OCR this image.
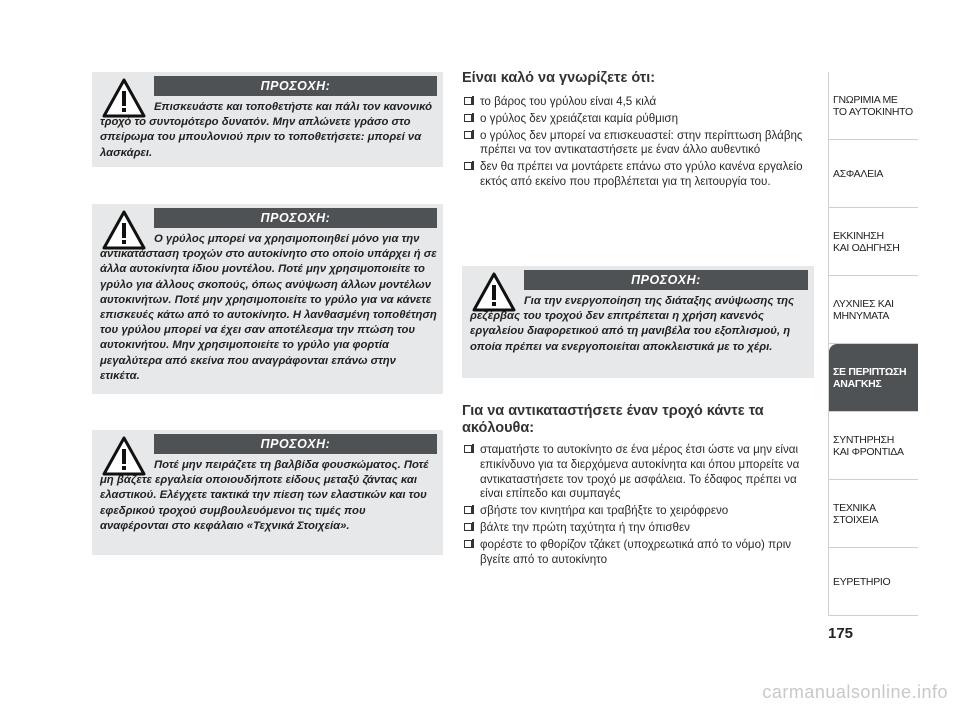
ΠΡΟΣΟΧΗ:
Επισκευάστε και τοποθετήστε και πάλι τον κανονικό τροχό το συντομότερο δυνατόν. Μην απλώνετε γράσο στο σπείρωμα του μπουλονιού πριν το τοποθετήσετε: μπορεί να λασκάρει.
ΠΡΟΣΟΧΗ:
Ο γρύλος μπορεί να χρησιμοποιηθεί μόνο για την αντικατάσταση τροχών στο αυτοκίνητο στο οποίο υπάρχει ή σε άλλα αυτοκίνητα ίδιου μοντέλου. Ποτέ μην χρησιμοποιείτε το γρύλο για άλλους σκοπούς, όπως ανύψωση άλλων μοντέλων αυτοκινήτων. Ποτέ μην χρησιμοποιείτε το γρύλο για να κάνετε επισκευές κάτω από το αυτοκίνητο. Η λανθασμένη τοποθέτηση του γρύλου μπορεί να έχει σαν αποτέλεσμα την πτώση του αυτοκινήτου. Μην χρησιμοποιείτε το γρύλο για φορτία μεγαλύτερα από εκείνα που αναγράφονται επάνω στην ετικέτα.
ΠΡΟΣΟΧΗ:
Ποτέ μην πειράζετε τη βαλβίδα φουσκώματος. Ποτέ μη βάζετε εργαλεία οποιουδήποτε είδους μεταξύ ζάντας και ελαστικού. Ελέγχετε τακτικά την πίεση των ελαστικών και του εφεδρικού τροχού συμβουλευόμενοι τις τιμές που αναφέρονται στο κεφάλαιο «Τεχνικά Στοιχεία».
ΠΡΟΣΟΧΗ:
Για την ενεργοποίηση της διάταξης ανύψωσης της ρεζέρβας του τροχού δεν επιτρέπεται η χρήση κανενός εργαλείου διαφορετικού από τη μανιβέλα του εξοπλισμού, η οποία πρέπει να ενεργοποιείται αποκλειστικά με το χέρι.
Είναι καλό να γνωρίζετε ότι:
το βάρος του γρύλου είναι 4,5 κιλά
ο γρύλος δεν χρειάζεται καμία ρύθμιση
ο γρύλος δεν μπορεί να επισκευαστεί: στην περίπτωση βλάβης πρέπει να τον αντικαταστήσετε με έναν άλλο αυθεντικό
δεν θα πρέπει να μοντάρετε επάνω στο γρύλο κανένα εργαλείο εκτός από εκείνο που προβλέπεται για τη λειτουργία του.
Για να αντικαταστήσετε έναν τροχό κάντε τα ακόλουθα:
σταματήστε το αυτοκίνητο σε ένα μέρος έτσι ώστε να μην είναι επικίνδυνο για τα διερχόμενα αυτοκίνητα και όπου μπορείτε να αντικαταστήσετε τον τροχό με ασφάλεια. Το έδαφος πρέπει να είναι επίπεδο και συμπαγές
σβήστε τον κινητήρα και τραβήξτε το χειρόφρενο
βάλτε την πρώτη ταχύτητα ή την όπισθεν
φορέστε το φθορίζον τζάκετ (υποχρεωτικά από το νόμο) πριν βγείτε από το αυτοκίνητο
ΓΝΩΡΙΜΙΑ ΜΕ
ΤΟ ΑΥΤΟΚΙΝΗΤΟ
ΑΣΦΑΛΕΙΑ
ΕΚΚΙΝΗΣΗ
ΚΑΙ ΟΔΗΓΗΣΗ
ΛΥΧΝΙΕΣ ΚΑΙ
ΜΗΝΥΜΑΤΑ
ΣΕ ΠΕΡΙΠΤΩΣΗ
ΑΝΑΓΚΗΣ
ΣΥΝΤΗΡΗΣΗ
ΚΑΙ ΦΡΟΝΤΙΔΑ
ΤΕΧΝΙΚΑ
ΣΤΟΙΧΕΙΑ
ΕΥΡΕΤΗΡΙΟ
175
carmanualsonline.info
